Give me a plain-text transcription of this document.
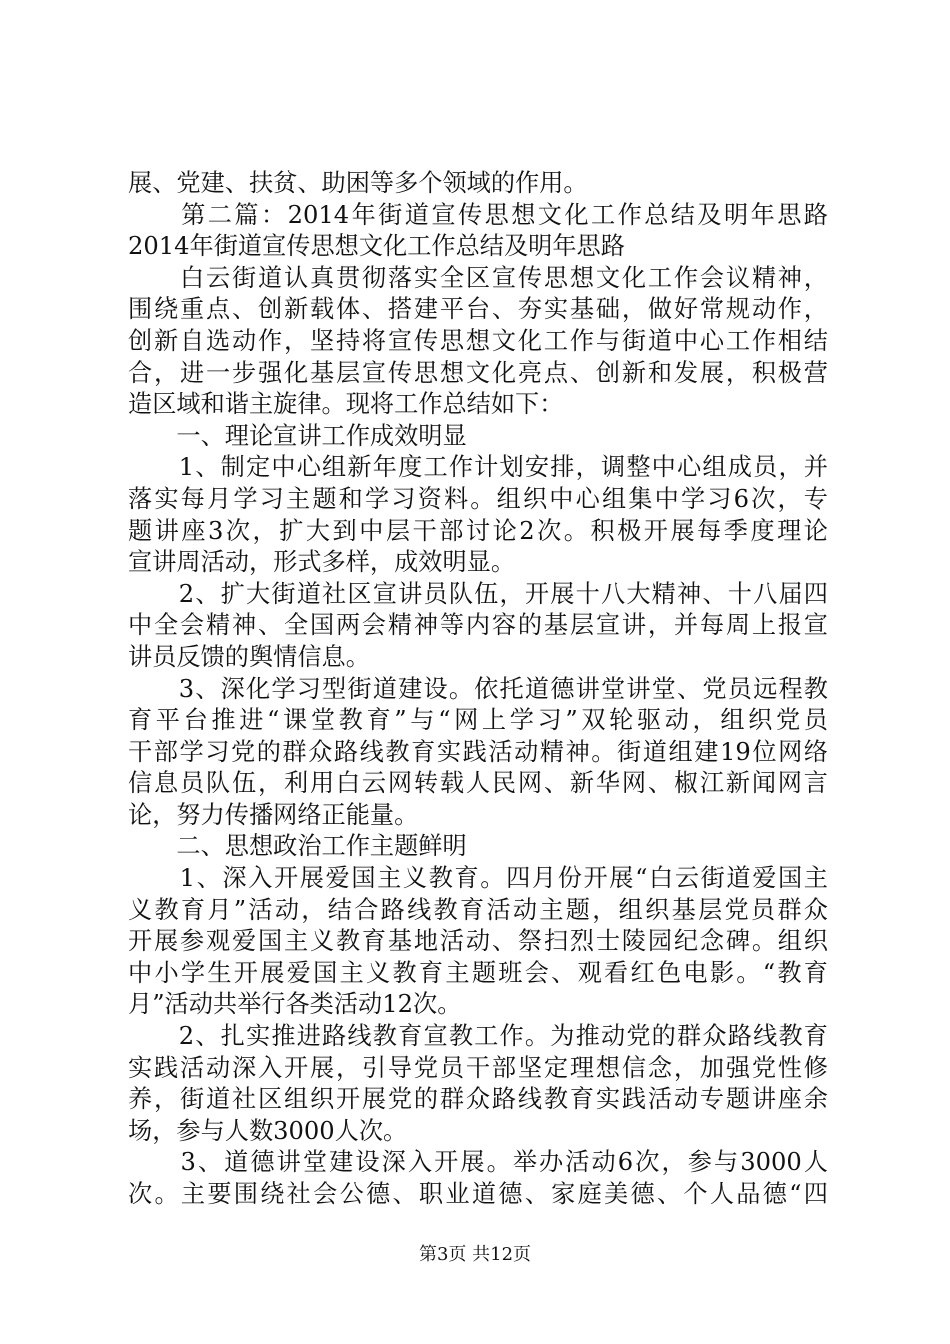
展、党建、扶贫、助困等多个领域的作用。
　　第二篇：2014年街道宣传思想文化工作总结及明年思路
2014年街道宣传思想文化工作总结及明年思路
　　白云街道认真贯彻落实全区宣传思想文化工作会议精神，
围绕重点、创新载体、搭建平台、夯实基础，做好常规动作，
创新自选动作，坚持将宣传思想文化工作与街道中心工作相结
合，进一步强化基层宣传思想文化亮点、创新和发展，积极营
造区域和谐主旋律。现将工作总结如下：
　　一、理论宣讲工作成效明显
　　1、制定中心组新年度工作计划安排，调整中心组成员，并
落实每月学习主题和学习资料。组织中心组集中学习6次，专
题讲座3次，扩大到中层干部讨论2次。积极开展每季度理论
宣讲周活动，形式多样，成效明显。
　　2、扩大街道社区宣讲员队伍，开展十八大精神、十八届四
中全会精神、全国两会精神等内容的基层宣讲，并每周上报宣
讲员反馈的舆情信息。
　　3、深化学习型街道建设。依托道德讲堂讲堂、党员远程教
育平台推进“课堂教育”与“网上学习”双轮驱动，组织党员
干部学习党的群众路线教育实践活动精神。街道组建19位网络
信息员队伍，利用白云网转载人民网、新华网、椒江新闻网言
论，努力传播网络正能量。
　　二、思想政治工作主题鲜明
　　1、深入开展爱国主义教育。四月份开展“白云街道爱国主
义教育月”活动，结合路线教育活动主题，组织基层党员群众
开展参观爱国主义教育基地活动、祭扫烈士陵园纪念碑。组织
中小学生开展爱国主义教育主题班会、观看红色电影。“教育
月”活动共举行各类活动12次。
　　2、扎实推进路线教育宣教工作。为推动党的群众路线教育
实践活动深入开展，引导党员干部坚定理想信念，加强党性修
养，街道社区组织开展党的群众路线教育实践活动专题讲座余
场，参与人数3000人次。
　　3、道德讲堂建设深入开展。举办活动6次，参与3000人
次。主要围绕社会公德、职业道德、家庭美德、个人品德“四
第3页 共12页
